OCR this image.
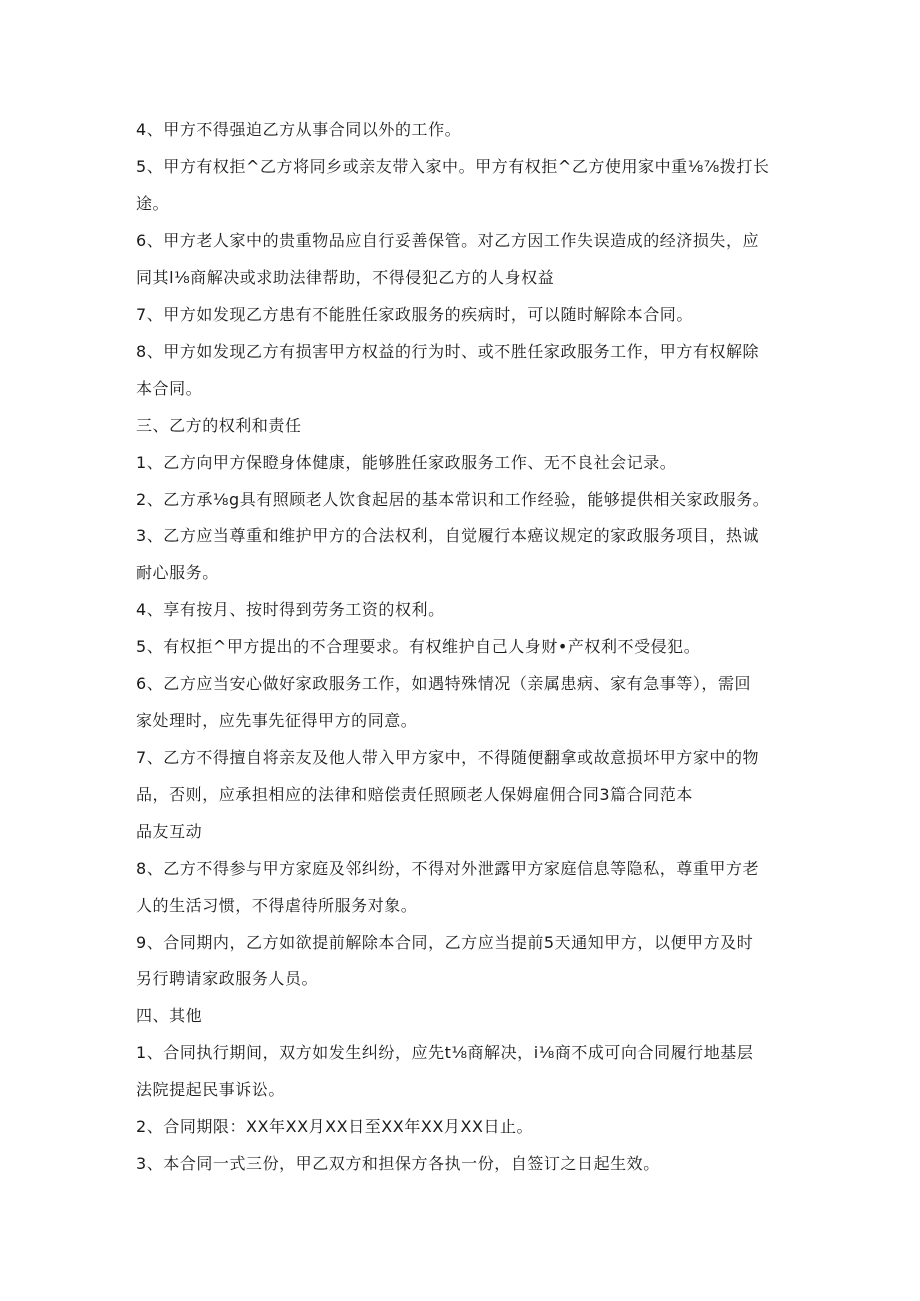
4、甲方不得强迫乙方从事合同以外的工作。
5、甲方有权拒^乙方将同乡或亲友带入家中。甲方有权拒^乙方使用家中重⅛⅞拨打长
途。
6、甲方老人家中的贵重物品应自行妥善保管。对乙方因工作失误造成的经济损失，应
同其l⅛商解决或求助法律帮助，不得侵犯乙方的人身权益
7、甲方如发现乙方患有不能胜任家政服务的疾病时，可以随时解除本合同。
8、甲方如发现乙方有损害甲方权益的行为时、或不胜任家政服务工作，甲方有权解除
本合同。
三、乙方的权利和责任
1、乙方向甲方保瞪身体健康，能够胜任家政服务工作、无不良社会记录。
2、乙方承⅛g具有照顾老人饮食起居的基本常识和工作经验，能够提供相关家政服务。
3、乙方应当尊重和维护甲方的合法权利，自觉履行本癌议规定的家政服务项目，热诚
耐心服务。
4、享有按月、按时得到劳务工资的权利。
5、有权拒^甲方提出的不合理要求。有权维护自己人身财•产权利不受侵犯。
6、乙方应当安心做好家政服务工作，如遇特殊情况（亲属患病、家有急事等），需回
家处理时，应先事先征得甲方的同意。
7、乙方不得擅自将亲友及他人带入甲方家中，不得随便翻拿或故意损坏甲方家中的物
品，否则，应承担相应的法律和赔偿责任照顾老人保姆雇佣合同3篇合同范本
品友互动
8、乙方不得参与甲方家庭及邻纠纷，不得对外泄露甲方家庭信息等隐私，尊重甲方老
人的生活习惯，不得虐待所服务对象。
9、合同期内，乙方如欲提前解除本合同，乙方应当提前5天通知甲方，以便甲方及时
另行聘请家政服务人员。
四、其他
1、合同执行期间，双方如发生纠纷，应先t⅛商解决，i⅛商不成可向合同履行地基层
法院提起民事诉讼。
2、合同期限：XX年XX月XX日至XX年XX月XX日止。
3、本合同一式三份，甲乙双方和担保方各执一份，自签订之日起生效。
